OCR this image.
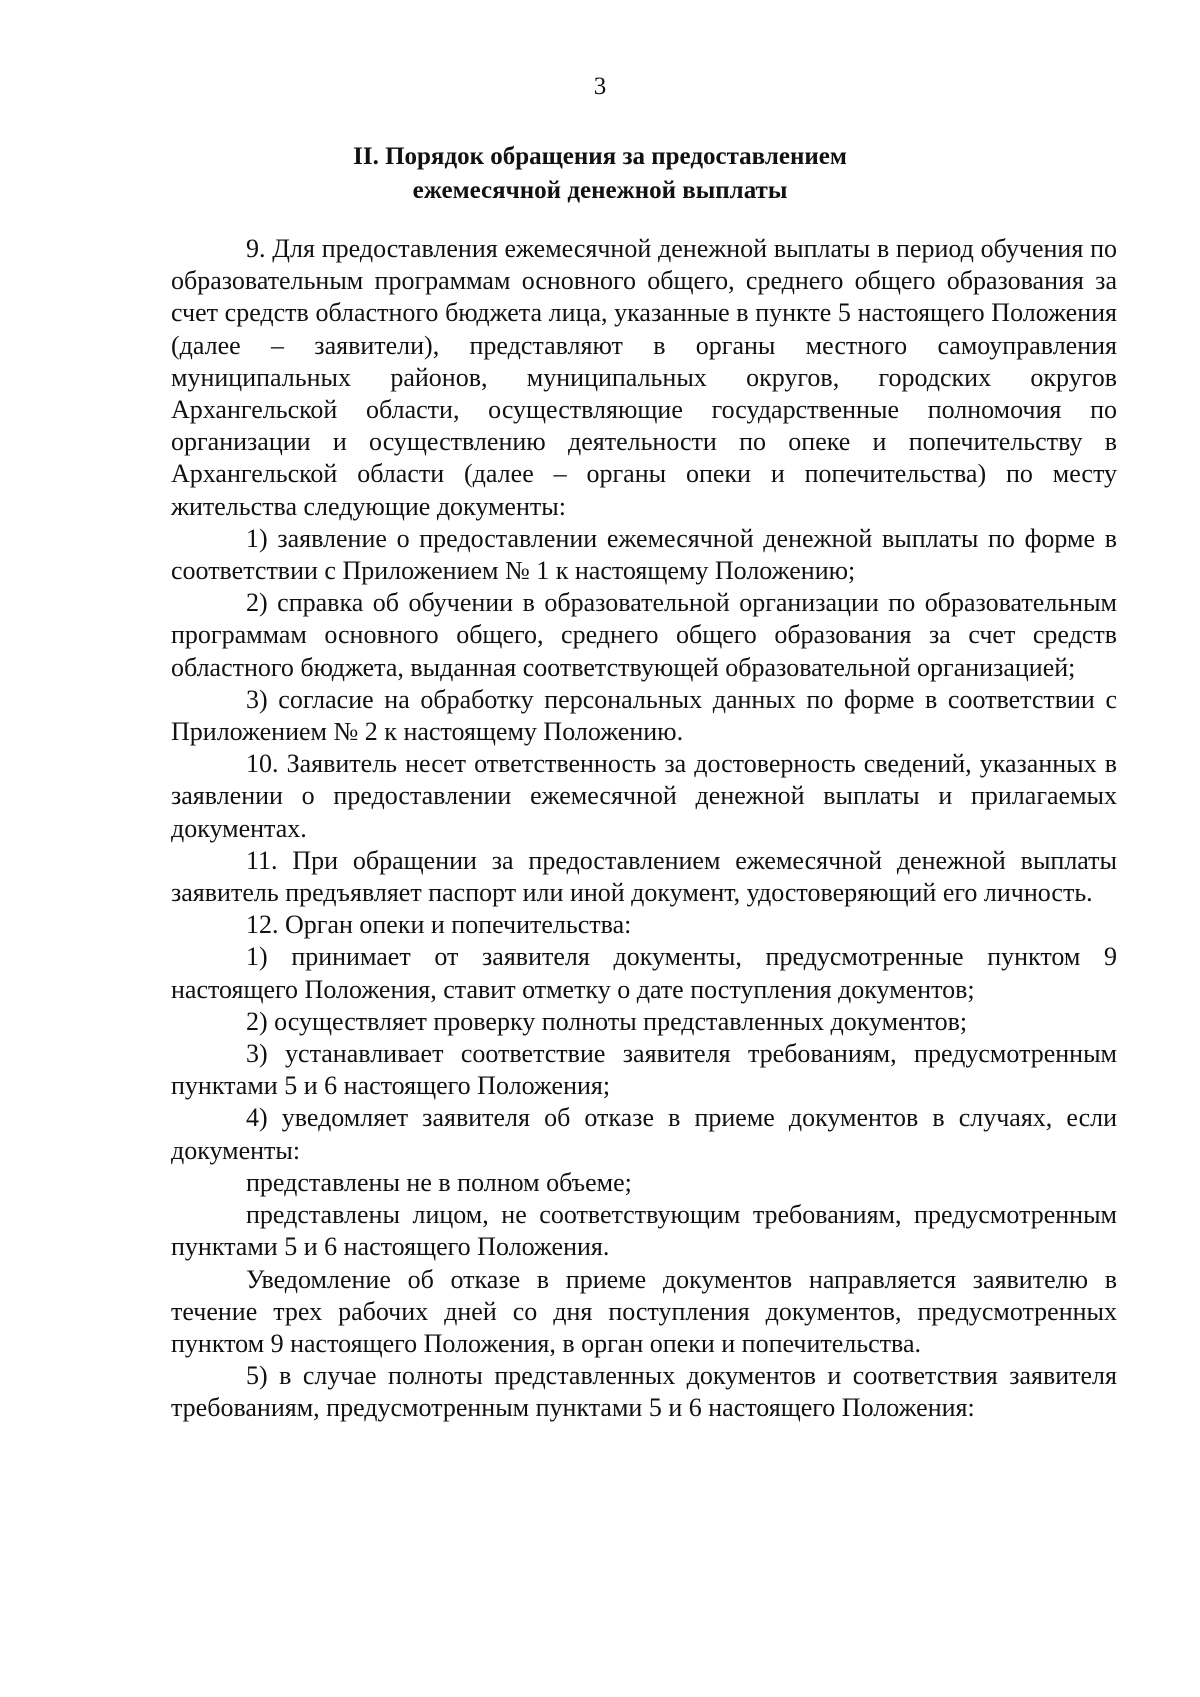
3
II. Порядок обращения за предоставлением
ежемесячной денежной выплаты

9. Для предоставления ежемесячной денежной выплаты в период обучения по образовательным программам основного общего, среднего общего образования за счет средств областного бюджета лица, указанные в пункте 5 настоящего Положения (далее – заявители), представляют в органы местного самоуправления муниципальных районов, муниципальных округов, городских округов Архангельской области, осуществляющие государственные полномочия по организации и осуществлению деятельности по опеке и попечительству в Архангельской области (далее – органы опеки и попечительства) по месту жительства следующие документы:

1) заявление о предоставлении ежемесячной денежной выплаты по форме в соответствии с Приложением № 1 к настоящему Положению;

2) справка об обучении в образовательной организации по образовательным программам основного общего, среднего общего образования за счет средств областного бюджета, выданная соответствующей образовательной организацией;

3) согласие на обработку персональных данных по форме в соответствии с Приложением № 2 к настоящему Положению.

10. Заявитель несет ответственность за достоверность сведений, указанных в заявлении о предоставлении ежемесячной денежной выплаты и прилагаемых документах.

11. При обращении за предоставлением ежемесячной денежной выплаты заявитель предъявляет паспорт или иной документ, удостоверяющий его личность.

12. Орган опеки и попечительства:

1) принимает от заявителя документы, предусмотренные пунктом 9 настоящего Положения, ставит отметку о дате поступления документов;

2) осуществляет проверку полноты представленных документов;

3) устанавливает соответствие заявителя требованиям, предусмотренным пунктами 5 и 6 настоящего Положения;

4) уведомляет заявителя об отказе в приеме документов в случаях, если документы:

представлены не в полном объеме;

представлены лицом, не соответствующим требованиям, предусмотренным пунктами 5 и 6 настоящего Положения.

Уведомление об отказе в приеме документов направляется заявителю в течение трех рабочих дней со дня поступления документов, предусмотренных пунктом 9 настоящего Положения, в орган опеки и попечительства.

5) в случае полноты представленных документов и соответствия заявителя требованиям, предусмотренным пунктами 5 и 6 настоящего Положения:
